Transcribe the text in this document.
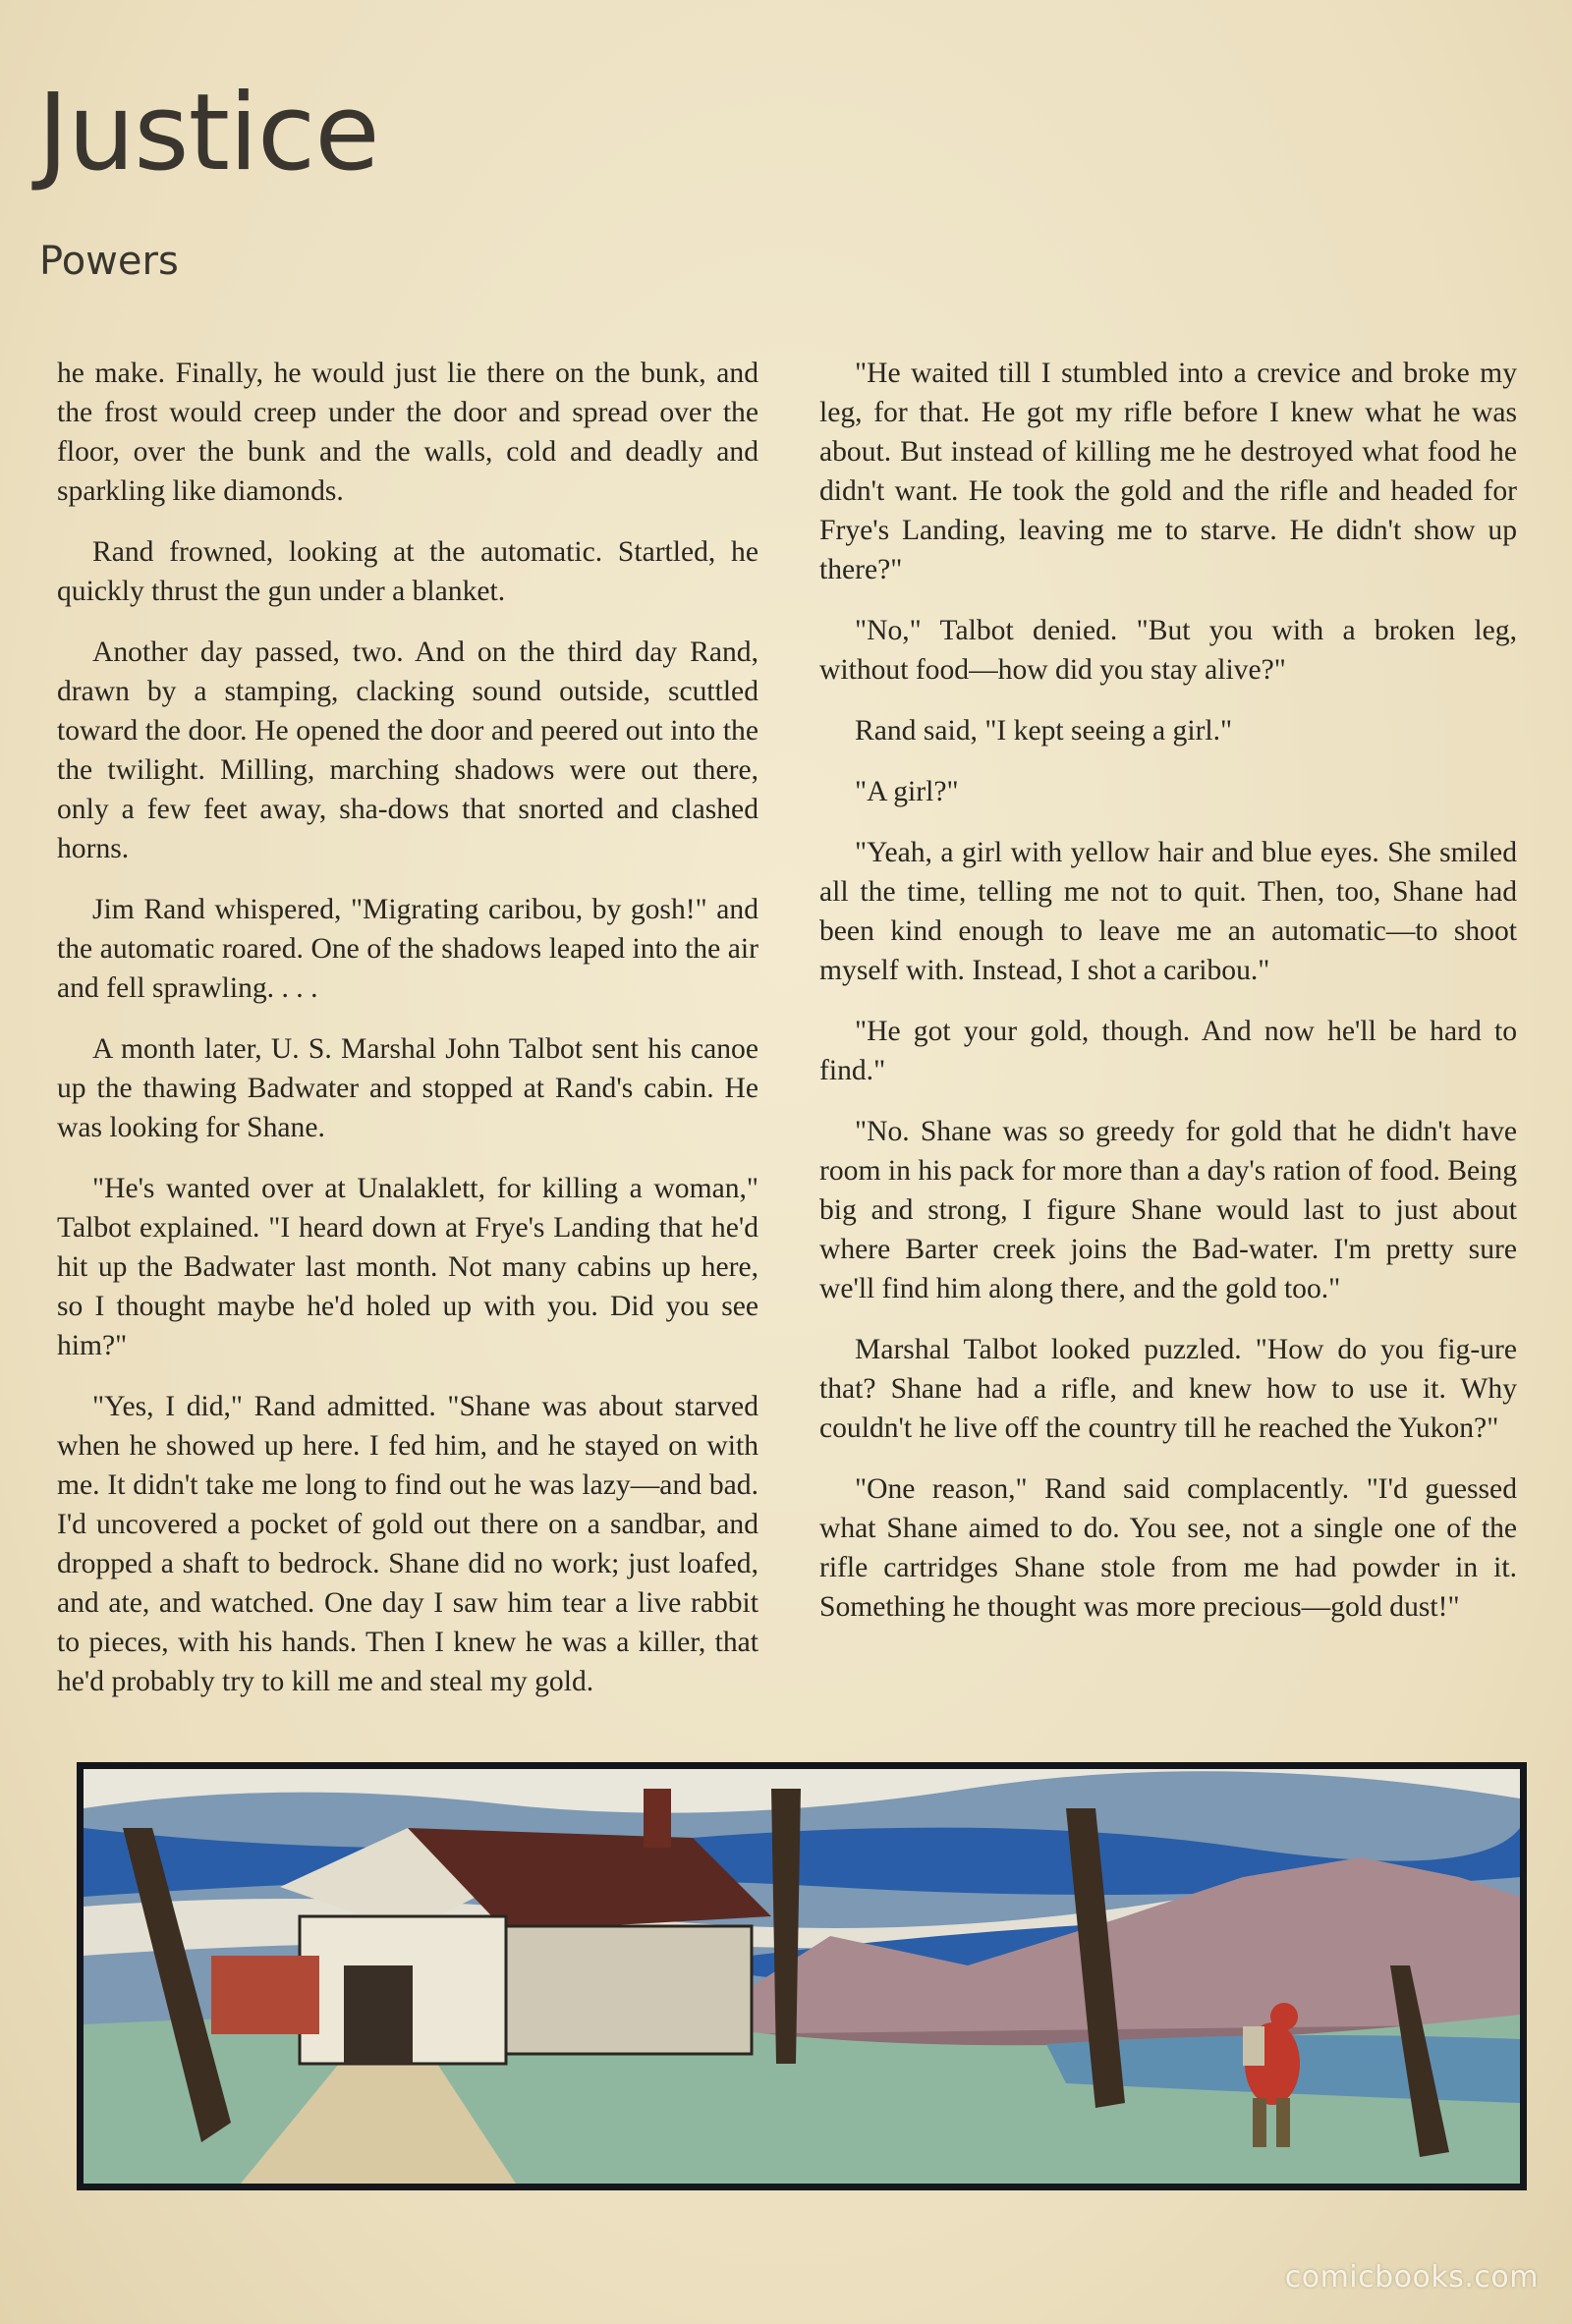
Justice
Powers

he make. Finally, he would just lie there on the bunk, and the frost would creep under the door and spread over the floor, over the bunk and the walls, cold and deadly and sparkling like diamonds.

Rand frowned, looking at the automatic. Startled, he quickly thrust the gun under a blanket.

Another day passed, two. And on the third day Rand, drawn by a stamping, clacking sound outside, scuttled toward the door. He opened the door and peered out into the the twilight. Milling, marching shadows were out there, only a few feet away, sha-dows that snorted and clashed horns.

Jim Rand whispered, "Migrating caribou, by gosh!" and the automatic roared. One of the shadows leaped into the air and fell sprawling. . . .

A month later, U. S. Marshal John Talbot sent his canoe up the thawing Badwater and stopped at Rand's cabin. He was looking for Shane.

"He's wanted over at Unalaklett, for killing a woman," Talbot explained. "I heard down at Frye's Landing that he'd hit up the Badwater last month. Not many cabins up here, so I thought maybe he'd holed up with you. Did you see him?"

"Yes, I did," Rand admitted. "Shane was about starved when he showed up here. I fed him, and he stayed on with me. It didn't take me long to find out he was lazy—and bad. I'd uncovered a pocket of gold out there on a sandbar, and dropped a shaft to bedrock. Shane did no work; just loafed, and ate, and watched. One day I saw him tear a live rabbit to pieces, with his hands. Then I knew he was a killer, that he'd probably try to kill me and steal my gold.

"He waited till I stumbled into a crevice and broke my leg, for that. He got my rifle before I knew what he was about. But instead of killing me he destroyed what food he didn't want. He took the gold and the rifle and headed for Frye's Landing, leaving me to starve. He didn't show up there?"

"No," Talbot denied. "But you with a broken leg, without food—how did you stay alive?"

Rand said, "I kept seeing a girl."

"A girl?"

"Yeah, a girl with yellow hair and blue eyes. She smiled all the time, telling me not to quit. Then, too, Shane had been kind enough to leave me an automatic—to shoot myself with. Instead, I shot a caribou."

"He got your gold, though. And now he'll be hard to find."

"No. Shane was so greedy for gold that he didn't have room in his pack for more than a day's ration of food. Being big and strong, I figure Shane would last to just about where Barter creek joins the Bad-water. I'm pretty sure we'll find him along there, and the gold too."

Marshal Talbot looked puzzled. "How do you fig-ure that? Shane had a rifle, and knew how to use it. Why couldn't he live off the country till he reached the Yukon?"

"One reason," Rand said complacently. "I'd guessed what Shane aimed to do. You see, not a single one of the rifle cartridges Shane stole from me had powder in it. Something he thought was more precious—gold dust!"

comicbooks.com
